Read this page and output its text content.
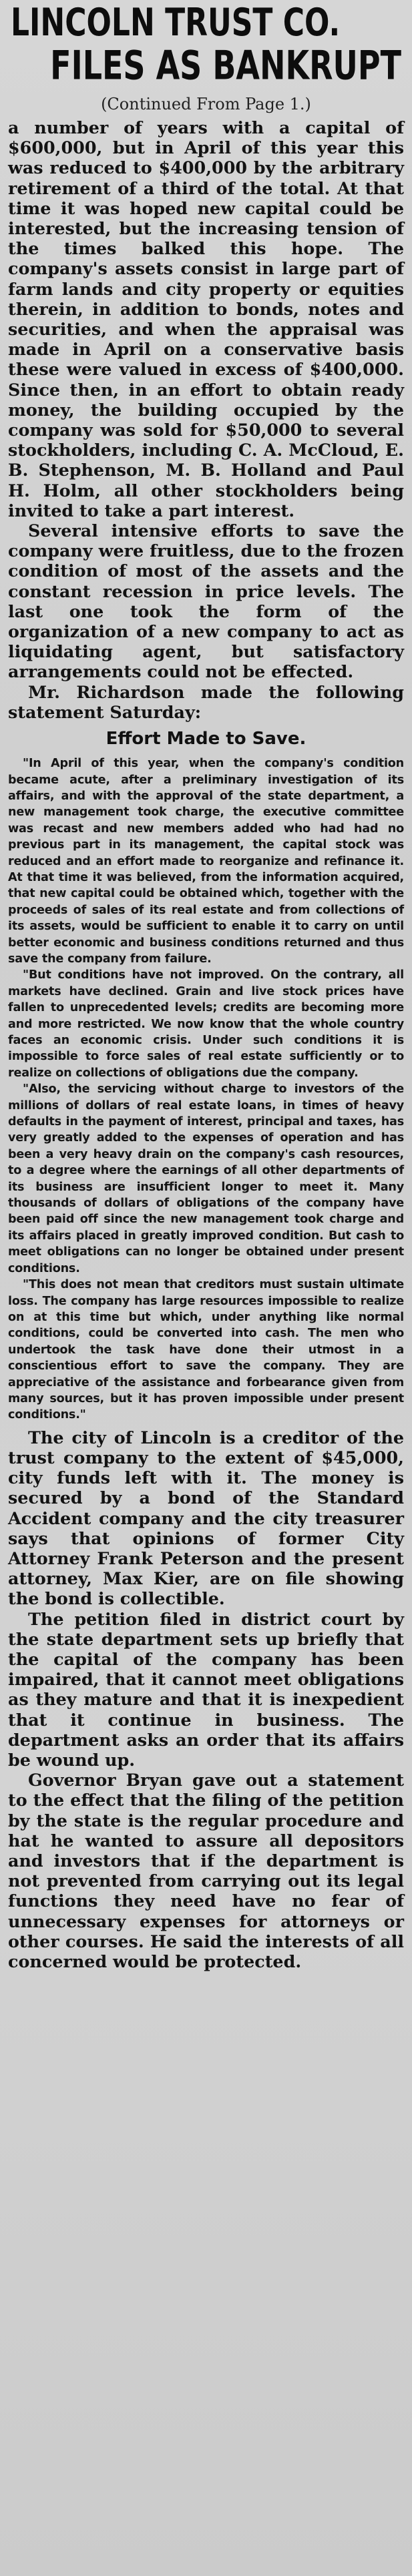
LINCOLN TRUST CO.
FILES AS BANKRUPT
(Continued From Page 1.)

a number of years with a capital of $600,000, but in April of this year this was reduced to $400,000 by the arbitrary retirement of a third of the total. At that time it was hoped new capital could be interested, but the increasing tension of the times balked this hope. The company's assets consist in large part of farm lands and city property or equities therein, in addition to bonds, notes and securities, and when the appraisal was made in April on a conservative basis these were valued in excess of $400,000. Since then, in an effort to obtain ready money, the building occupied by the company was sold for $50,000 to several stockholders, including C. A. McCloud, E. B. Stephenson, M. B. Holland and Paul H. Holm, all other stockholders being invited to take a part interest.

Several intensive efforts to save the company were fruitless, due to the frozen condition of most of the assets and the constant recession in price levels. The last one took the form of the organization of a new company to act as liquidating agent, but satisfactory arrangements could not be effected.

Mr. Richardson made the following statement Saturday:

Effort Made to Save.

"In April of this year, when the company's condition became acute, after a preliminary investigation of its affairs, and with the approval of the state department, a new management took charge, the executive committee was recast and new members added who had had no previous part in its management, the capital stock was reduced and an effort made to reorganize and refinance it. At that time it was believed, from the information acquired, that new capital could be obtained which, together with the proceeds of sales of its real estate and from collections of its assets, would be sufficient to enable it to carry on until better economic and business conditions returned and thus save the company from failure.

"But conditions have not improved. On the contrary, all markets have declined. Grain and live stock prices have fallen to unprecedented levels; credits are becoming more and more restricted. We now know that the whole country faces an economic crisis. Under such conditions it is impossible to force sales of real estate sufficiently or to realize on collections of obligations due the company.

"Also, the servicing without charge to investors of the millions of dollars of real estate loans, in times of heavy defaults in the payment of interest, principal and taxes, has very greatly added to the expenses of operation and has been a very heavy drain on the company's cash resources, to a degree where the earnings of all other departments of its business are insufficient longer to meet it. Many thousands of dollars of obligations of the company have been paid off since the new management took charge and its affairs placed in greatly improved condition. But cash to meet obligations can no longer be obtained under present conditions.

"This does not mean that creditors must sustain ultimate loss. The company has large resources impossible to realize on at this time but which, under anything like normal conditions, could be converted into cash. The men who undertook the task have done their utmost in a conscientious effort to save the company. They are appreciative of the assistance and forbearance given from many sources, but it has proven impossible under present conditions."

The city of Lincoln is a creditor of the trust company to the extent of $45,000, city funds left with it. The money is secured by a bond of the Standard Accident company and the city treasurer says that opinions of former City Attorney Frank Peterson and the present attorney, Max Kier, are on file showing the bond is collectible.

The petition filed in district court by the state department sets up briefly that the capital of the company has been impaired, that it cannot meet obligations as they mature and that it is inexpedient that it continue in business. The department asks an order that its affairs be wound up.

Governor Bryan gave out a statement to the effect that the filing of the petition by the state is the regular procedure and hat he wanted to assure all depositors and investors that if the department is not prevented from carrying out its legal functions they need have no fear of unnecessary expenses for attorneys or other courses. He said the interests of all concerned would be protected.
